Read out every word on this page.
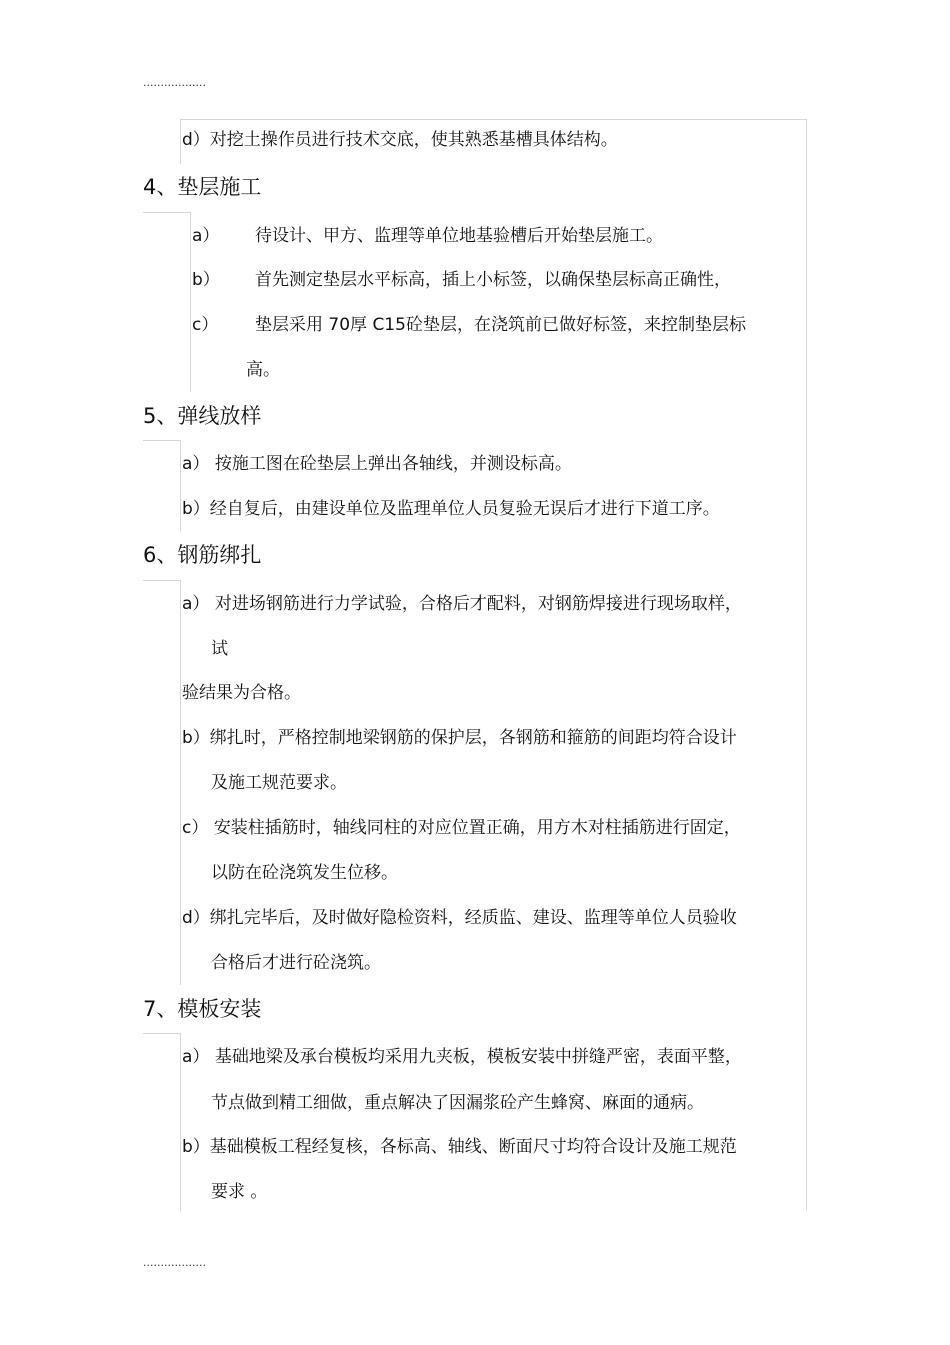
..................
..................
d）对挖土操作员进行技术交底，使其熟悉基槽具体结构。
4、垫层施工
a） 待设计、甲方、监理等单位地基验槽后开始垫层施工。
b） 首先测定垫层水平标高，插上小标签，以确保垫层标高正确性，
c） 垫层采用 70厚 C15砼垫层，在浇筑前已做好标签，来控制垫层标
高。
5、弹线放样
a） 按施工图在砼垫层上弹出各轴线，并测设标高。
b）经自复后，由建设单位及监理单位人员复验无误后才进行下道工序。
6、钢筋绑扎
a） 对进场钢筋进行力学试验，合格后才配料，对钢筋焊接进行现场取样，
试
验结果为合格。
b）绑扎时，严格控制地梁钢筋的保护层，各钢筋和箍筋的间距均符合设计
及施工规范要求。
c） 安装柱插筋时，轴线同柱的对应位置正确，用方木对柱插筋进行固定，
以防在砼浇筑发生位移。
d）绑扎完毕后，及时做好隐检资料，经质监、建设、监理等单位人员验收
合格后才进行砼浇筑。
7、模板安装
a） 基础地梁及承台模板均采用九夹板，模板安装中拼缝严密，表面平整，
节点做到精工细做，重点解决了因漏浆砼产生蜂窝、麻面的通病。
b）基础模板工程经复核，各标高、轴线、断面尺寸均符合设计及施工规范
要求 。
